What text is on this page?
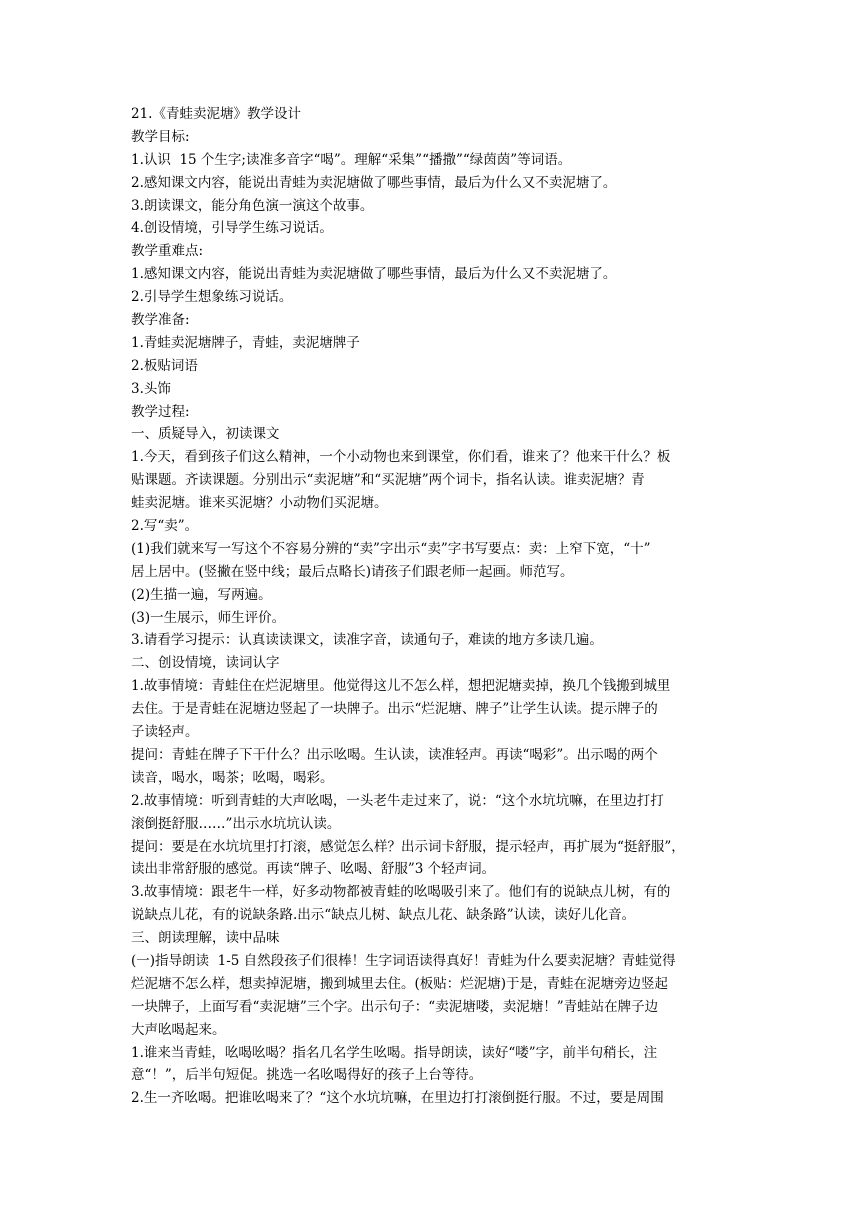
21.《青蛙卖泥塘》教学设计
教学目标:
1.认识  15 个生字;读准多音字“喝”。理解“采集”“播撒”“绿茵茵”等词语。
2.感知课文内容，能说出青蛙为卖泥塘做了哪些事情，最后为什么又不卖泥塘了。
3.朗读课文，能分角色演一演这个故事。
4.创设情境，引导学生练习说话。
教学重难点:
1.感知课文内容，能说出青蛙为卖泥塘做了哪些事情，最后为什么又不卖泥塘了。
2.引导学生想象练习说话。
教学准备:
1.青蛙卖泥塘牌子，青蛙，卖泥塘牌子
2.板贴词语
3.头饰
教学过程:
一、质疑导入，初读课文
1.今天，看到孩子们这么精神，一个小动物也来到课堂，你们看，谁来了？他来干什么？板
贴课题。齐读课题。分别出示“卖泥塘”和“买泥塘”两个词卡，指名认读。谁卖泥塘？青
蛙卖泥塘。谁来买泥塘？小动物们买泥塘。
2.写“卖”。
(1)我们就来写一写这个不容易分辨的“卖”字出示“卖”字书写要点：卖：上窄下宽，“十”
居上居中。(竖撇在竖中线；最后点略长)请孩子们跟老师一起画。师范写。
(2)生描一遍，写两遍。
(3)一生展示，师生评价。
3.请看学习提示：认真读读课文，读准字音，读通句子，难读的地方多读几遍。
二、创设情境，读词认字
1.故事情境：青蛙住在烂泥塘里。他觉得这儿不怎么样，想把泥塘卖掉，换几个钱搬到城里
去住。于是青蛙在泥塘边竖起了一块牌子。出示“烂泥塘、牌子”让学生认读。提示牌子的
子读轻声。
提问：青蛙在牌子下干什么？出示吆喝。生认读，读准轻声。再读“喝彩”。出示喝的两个
读音，喝水，喝茶；吆喝，喝彩。
2.故事情境：听到青蛙的大声吆喝，一头老牛走过来了，说：“这个水坑坑嘛，在里边打打
滚倒挺舒服……”出示水坑坑认读。
提问：要是在水坑坑里打打滚，感觉怎么样？出示词卡舒服，提示轻声，再扩展为“挺舒服”，
读出非常舒服的感觉。再读“牌子、吆喝、舒服”3 个轻声词。
3.故事情境：跟老牛一样，好多动物都被青蛙的吆喝吸引来了。他们有的说缺点儿树，有的
说缺点儿花，有的说缺条路.出示“缺点儿树、缺点儿花、缺条路”认读，读好儿化音。
三、朗读理解，读中品味
(一)指导朗读  1-5 自然段孩子们很棒！生字词语读得真好！青蛙为什么要卖泥塘？青蛙觉得
烂泥塘不怎么样，想卖掉泥塘，搬到城里去住。(板贴：烂泥塘)于是，青蛙在泥塘旁边竖起
一块牌子，上面写看“卖泥塘”三个字。出示句子：“卖泥塘喽，卖泥塘！”青蛙站在牌子边
大声吆喝起来。
1.谁来当青蛙，吆喝吆喝？指名几名学生吆喝。指导朗读，读好“喽”字，前半句稍长，注
意“！”，后半句短促。挑选一名吆喝得好的孩子上台等待。
2.生一齐吆喝。把谁吆喝来了？“这个水坑坑嘛，在里边打打滚倒挺行服。不过，要是周围
